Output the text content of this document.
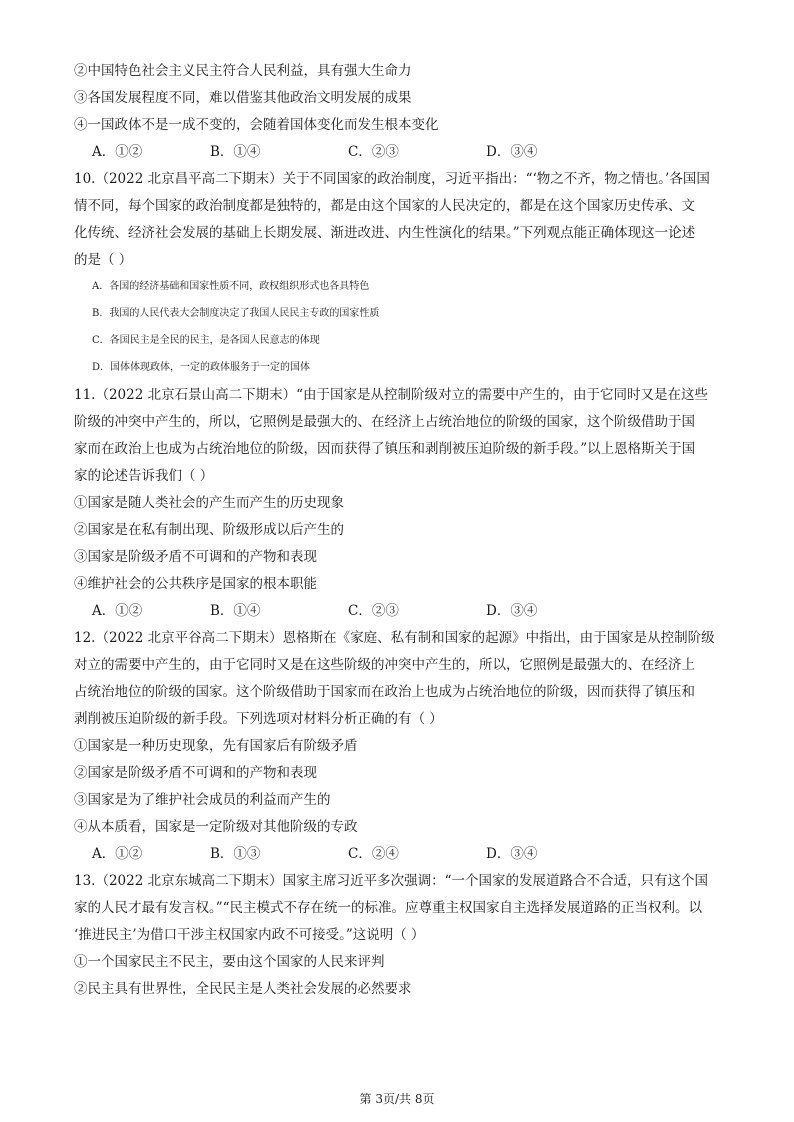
②中国特色社会主义民主符合人民利益，具有强大生命力
③各国发展程度不同，难以借鉴其他政治文明发展的成果
④一国政体不是一成不变的，会随着国体变化而发生根本变化
A．①②	B．①④	C．②③	D．③④
10.（2022 北京昌平高二下期末）关于不同国家的政治制度，习近平指出：“‘物之不齐，物之情也。’各国国
情不同，每个国家的政治制度都是独特的，都是由这个国家的人民决定的，都是在这个国家历史传承、文
化传统、经济社会发展的基础上长期发展、渐进改进、内生性演化的结果。”下列观点能正确体现这一论述
的是（ ）
A．各国的经济基础和国家性质不同，政权组织形式也各具特色
B．我国的人民代表大会制度决定了我国人民民主专政的国家性质
C．各国民主是全民的民主，是各国人民意志的体现
D．国体体现政体，一定的政体服务于一定的国体
11.（2022 北京石景山高二下期末）“由于国家是从控制阶级对立的需要中产生的，由于它同时又是在这些
阶级的冲突中产生的，所以，它照例是最强大的、在经济上占统治地位的阶级的国家，这个阶级借助于国
家而在政治上也成为占统治地位的阶级，因而获得了镇压和剥削被压迫阶级的新手段。”以上恩格斯关于国
家的论述告诉我们（ ）
①国家是随人类社会的产生而产生的历史现象
②国家是在私有制出现、阶级形成以后产生的
③国家是阶级矛盾不可调和的产物和表现
④维护社会的公共秩序是国家的根本职能
A．①②	B．①④	C．②③	D．③④
12.（2022 北京平谷高二下期末）恩格斯在《家庭、私有制和国家的起源》中指出，由于国家是从控制阶级
对立的需要中产生的，由于它同时又是在这些阶级的冲突中产生的，所以，它照例是最强大的、在经济上
占统治地位的阶级的国家。这个阶级借助于国家而在政治上也成为占统治地位的阶级，因而获得了镇压和
剥削被压迫阶级的新手段。下列选项对材料分析正确的有（ ）
①国家是一种历史现象，先有国家后有阶级矛盾
②国家是阶级矛盾不可调和的产物和表现
③国家是为了维护社会成员的利益而产生的
④从本质看，国家是一定阶级对其他阶级的专政
A．①②	B．①③	C．②④	D．③④
13.（2022 北京东城高二下期末）国家主席习近平多次强调：“一个国家的发展道路合不合适，只有这个国
家的人民才最有发言权。”“民主模式不存在统一的标准。应尊重主权国家自主选择发展道路的正当权利。以
‘推进民主’为借口干涉主权国家内政不可接受。”这说明（ ）
①一个国家民主不民主，要由这个国家的人民来评判
②民主具有世界性，全民民主是人类社会发展的必然要求
第 3页/共 8页
